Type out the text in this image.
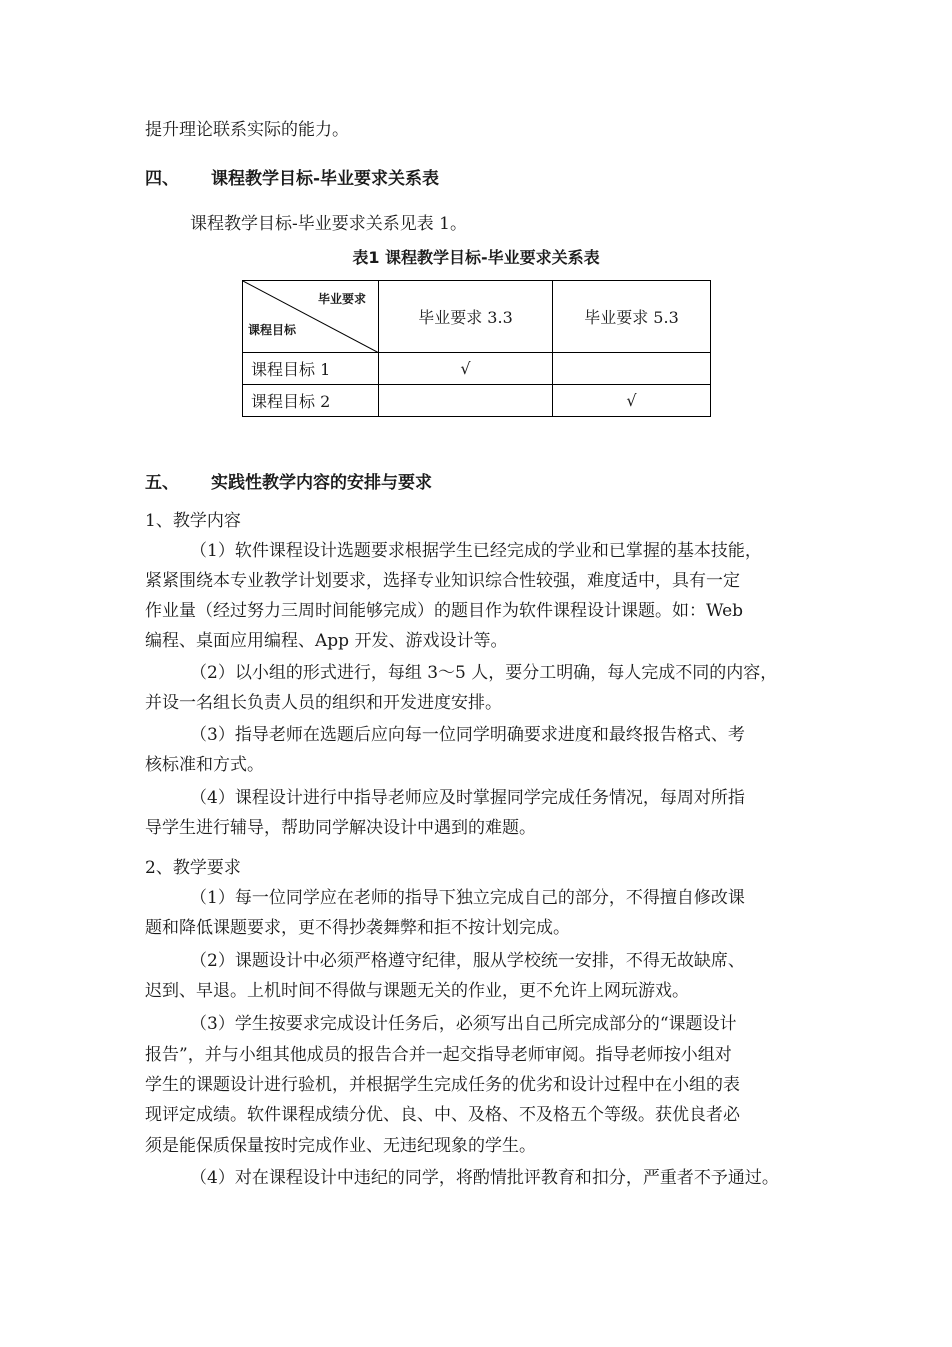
提升理论联系实际的能力。
四、 课程教学目标-毕业要求关系表
课程教学目标-毕业要求关系见表 1。
表1 课程教学目标-毕业要求关系表
毕业要求
课程目标	毕业要求 3.3	毕业要求 5.3
课程目标 1	√	
课程目标 2		√
五、 实践性教学内容的安排与要求
1、教学内容
（1）软件课程设计选题要求根据学生已经完成的学业和已掌握的基本技能，
紧紧围绕本专业教学计划要求，选择专业知识综合性较强，难度适中，具有一定
作业量（经过努力三周时间能够完成）的题目作为软件课程设计课题。如：Web
编程、桌面应用编程、App 开发、游戏设计等。
（2）以小组的形式进行，每组 3～5 人，要分工明确，每人完成不同的内容，
并设一名组长负责人员的组织和开发进度安排。
（3）指导老师在选题后应向每一位同学明确要求进度和最终报告格式、考
核标准和方式。
（4）课程设计进行中指导老师应及时掌握同学完成任务情况，每周对所指
导学生进行辅导，帮助同学解决设计中遇到的难题。
2、教学要求
（1）每一位同学应在老师的指导下独立完成自己的部分，不得擅自修改课
题和降低课题要求，更不得抄袭舞弊和拒不按计划完成。
（2）课题设计中必须严格遵守纪律，服从学校统一安排，不得无故缺席、
迟到、早退。上机时间不得做与课题无关的作业，更不允许上网玩游戏。
（3）学生按要求完成设计任务后，必须写出自己所完成部分的“课题设计
报告”，并与小组其他成员的报告合并一起交指导老师审阅。指导老师按小组对
学生的课题设计进行验机，并根据学生完成任务的优劣和设计过程中在小组的表
现评定成绩。软件课程成绩分优、良、中、及格、不及格五个等级。获优良者必
须是能保质保量按时完成作业、无违纪现象的学生。
（4）对在课程设计中违纪的同学，将酌情批评教育和扣分，严重者不予通过。
